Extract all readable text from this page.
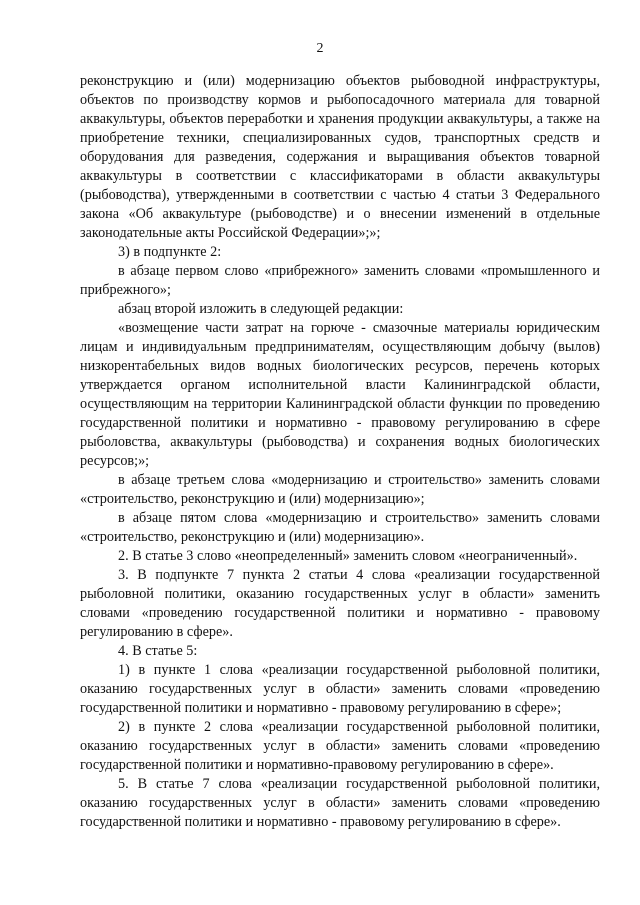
2

реконструкцию и (или) модернизацию объектов рыбоводной инфраструктуры, объектов по производству кормов и рыбопосадочного материала для товарной аквакультуры, объектов переработки и хранения продукции аквакультуры, а также на приобретение техники, специализированных судов, транспортных средств и оборудования для разведения, содержания и выращивания объектов товарной аквакультуры в соответствии с классификаторами в области аквакультуры (рыбоводства), утвержденными в соответствии с частью 4 статьи 3 Федерального закона «Об аквакультуре (рыбоводстве) и о внесении изменений в отдельные законодательные акты Российской Федерации»;»;

3) в подпункте 2:

в абзаце первом слово «прибрежного» заменить словами «промышленного и прибрежного»;

абзац второй изложить в следующей редакции:

«возмещение части затрат на горюче - смазочные материалы юридическим лицам и индивидуальным предпринимателям, осуществляющим добычу (вылов) низкорентабельных видов водных биологических ресурсов, перечень которых утверждается органом исполнительной власти Калининградской области, осуществляющим на территории Калининградской области функции по проведению государственной политики и нормативно - правовому регулированию в сфере рыболовства, аквакультуры (рыбоводства) и сохранения водных биологических ресурсов;»;

в абзаце третьем слова «модернизацию и строительство» заменить словами «строительство, реконструкцию и (или) модернизацию»;

в абзаце пятом слова «модернизацию и строительство» заменить словами «строительство, реконструкцию и (или) модернизацию».

2. В статье 3 слово «неопределенный» заменить словом «неограниченный».

3. В подпункте 7 пункта 2 статьи 4 слова «реализации государственной рыболовной политики, оказанию государственных услуг в области» заменить словами «проведению государственной политики и нормативно - правовому регулированию в сфере».

4. В статье 5:

1) в пункте 1 слова «реализации государственной рыболовной политики, оказанию государственных услуг в области» заменить словами «проведению государственной политики и нормативно - правовому регулированию в сфере»;

2) в пункте 2 слова «реализации государственной рыболовной политики, оказанию государственных услуг в области» заменить словами «проведению государственной политики и нормативно-правовому регулированию в сфере».

5. В статье 7 слова «реализации государственной рыболовной политики, оказанию государственных услуг в области» заменить словами «проведению государственной политики и нормативно - правовому регулированию в сфере».
